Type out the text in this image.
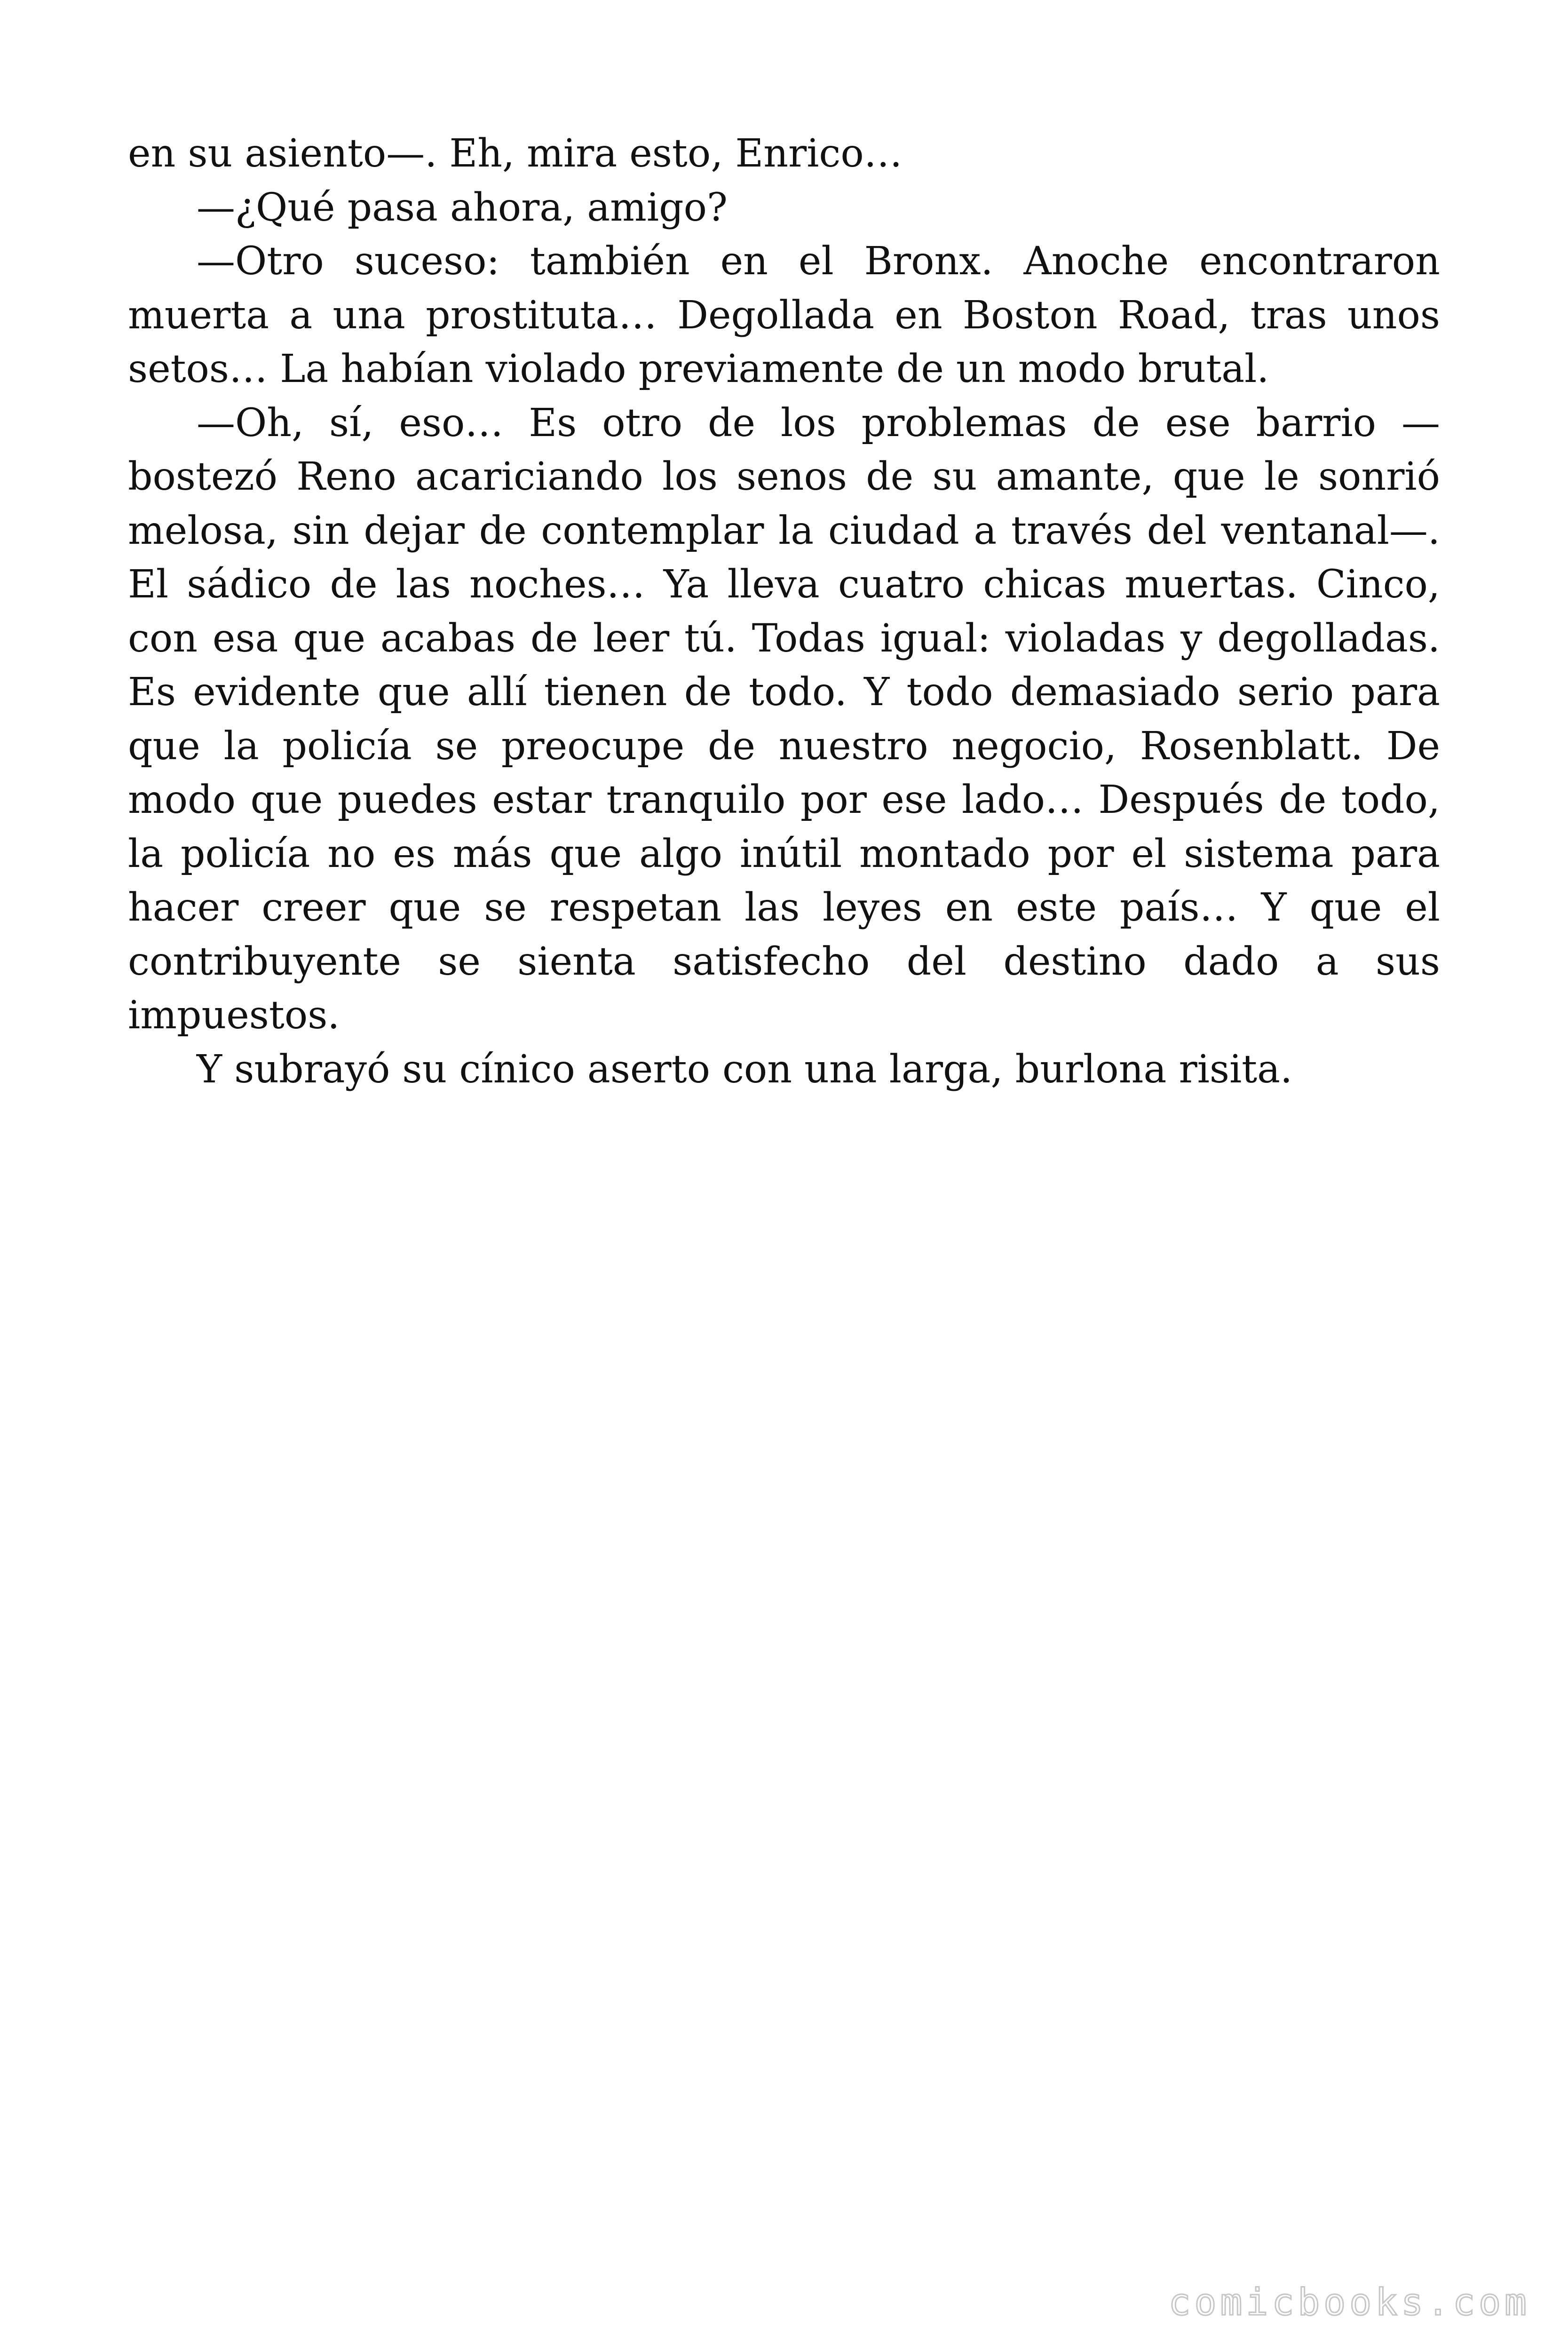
en su asiento—. Eh, mira esto, Enrico…

—¿Qué pasa ahora, amigo?

—Otro suceso: también en el Bronx. Anoche encontraron muerta a una prostituta… Degollada en Boston Road, tras unos setos… La habían violado previamente de un modo brutal.

—Oh, sí, eso… Es otro de los problemas de ese barrio —bostezó Reno acariciando los senos de su amante, que le sonrió melosa, sin dejar de contemplar la ciudad a través del ventanal—. El sádico de las noches… Ya lleva cuatro chicas muertas. Cinco, con esa que acabas de leer tú. Todas igual: violadas y degolladas. Es evidente que allí tienen de todo. Y todo demasiado serio para que la policía se preocupe de nuestro negocio, Rosenblatt. De modo que puedes estar tranquilo por ese lado… Después de todo, la policía no es más que algo inútil montado por el sistema para hacer creer que se respetan las leyes en este país… Y que el contribuyente se sienta satisfecho del destino dado a sus impuestos.

Y subrayó su cínico aserto con una larga, burlona risita.

comicbooks.com
